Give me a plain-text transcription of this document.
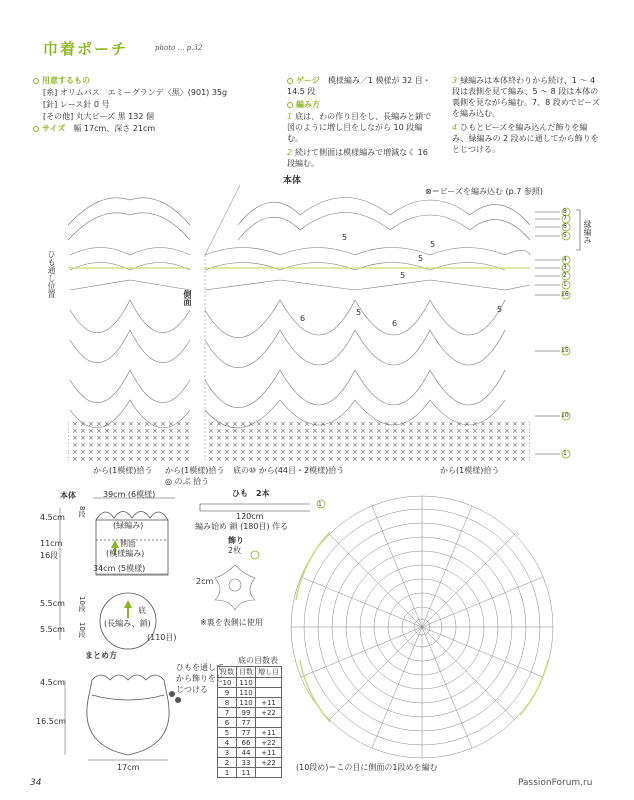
巾着ポーチ	photo … p.32
用意するもの
[糸] オリムパス　エミーグランデ〈黒〉(901) 35g
[針] レース針 0 号
[その他] 丸大ビーズ 黒 132 個
サイズ　 幅 17cm、深さ 21cm
ゲージ　 模様編み／1 模様が 32 目・14.5 段
編み方
1 底は、わの作り目をし、長編みと鎖で図のように増し目をしながら 10 段編む。
2 続けて側面は模様編みで増減なく 16 段編む。
3 緑編みは本体終わりから続け、1 ～ 4 段は表側を見て編み、5 ～ 8 段は本体の裏側を見ながら編む。7、8 段めでビーズを編み込む。
4 ひもとビーズを編み込んだ飾りを編み、緑編みの 2 段めに通してから飾りをとじつける。
本体
⊗＝ビーズを編み込む (p.7 参照)
ひも通し位置	側面
縁編み
8
7
6
5
4
3
2
1
16
15
10
1
5
5
5
5
6
6
5	5
から(1模様)拾う から(1模様)拾う 底の⑩ から(44目・2模様)拾う	から(1模様)拾う
◎ のぶ 拾う
本体	39cm (6模様)
(緑編み)
側面
(模様編み)
34cm (5模様)
底
(長編み、鎖)
(110目)
4.5cm
8段
11cm
16段
5.5cm 10段
5.5cm 10段
ひも　 2本
120cm
編み始め 鎖 (180目) 作る
1
飾り
2枚
2cm
※裏を表側に使用
まとめ方
ひもを通してから飾りをとじつける
4.5cm
16.5cm
17cm
底の目数表
段数	目数	増し目
10	110	
9	110	
8	110	+11
7	99	+22
6	77	
5	77	+11
4	66	+22
3	44	+11
2	33	+22
1	11	
(10段め)＝この目に側面の1段めを編む
34	PassionForum.ru
